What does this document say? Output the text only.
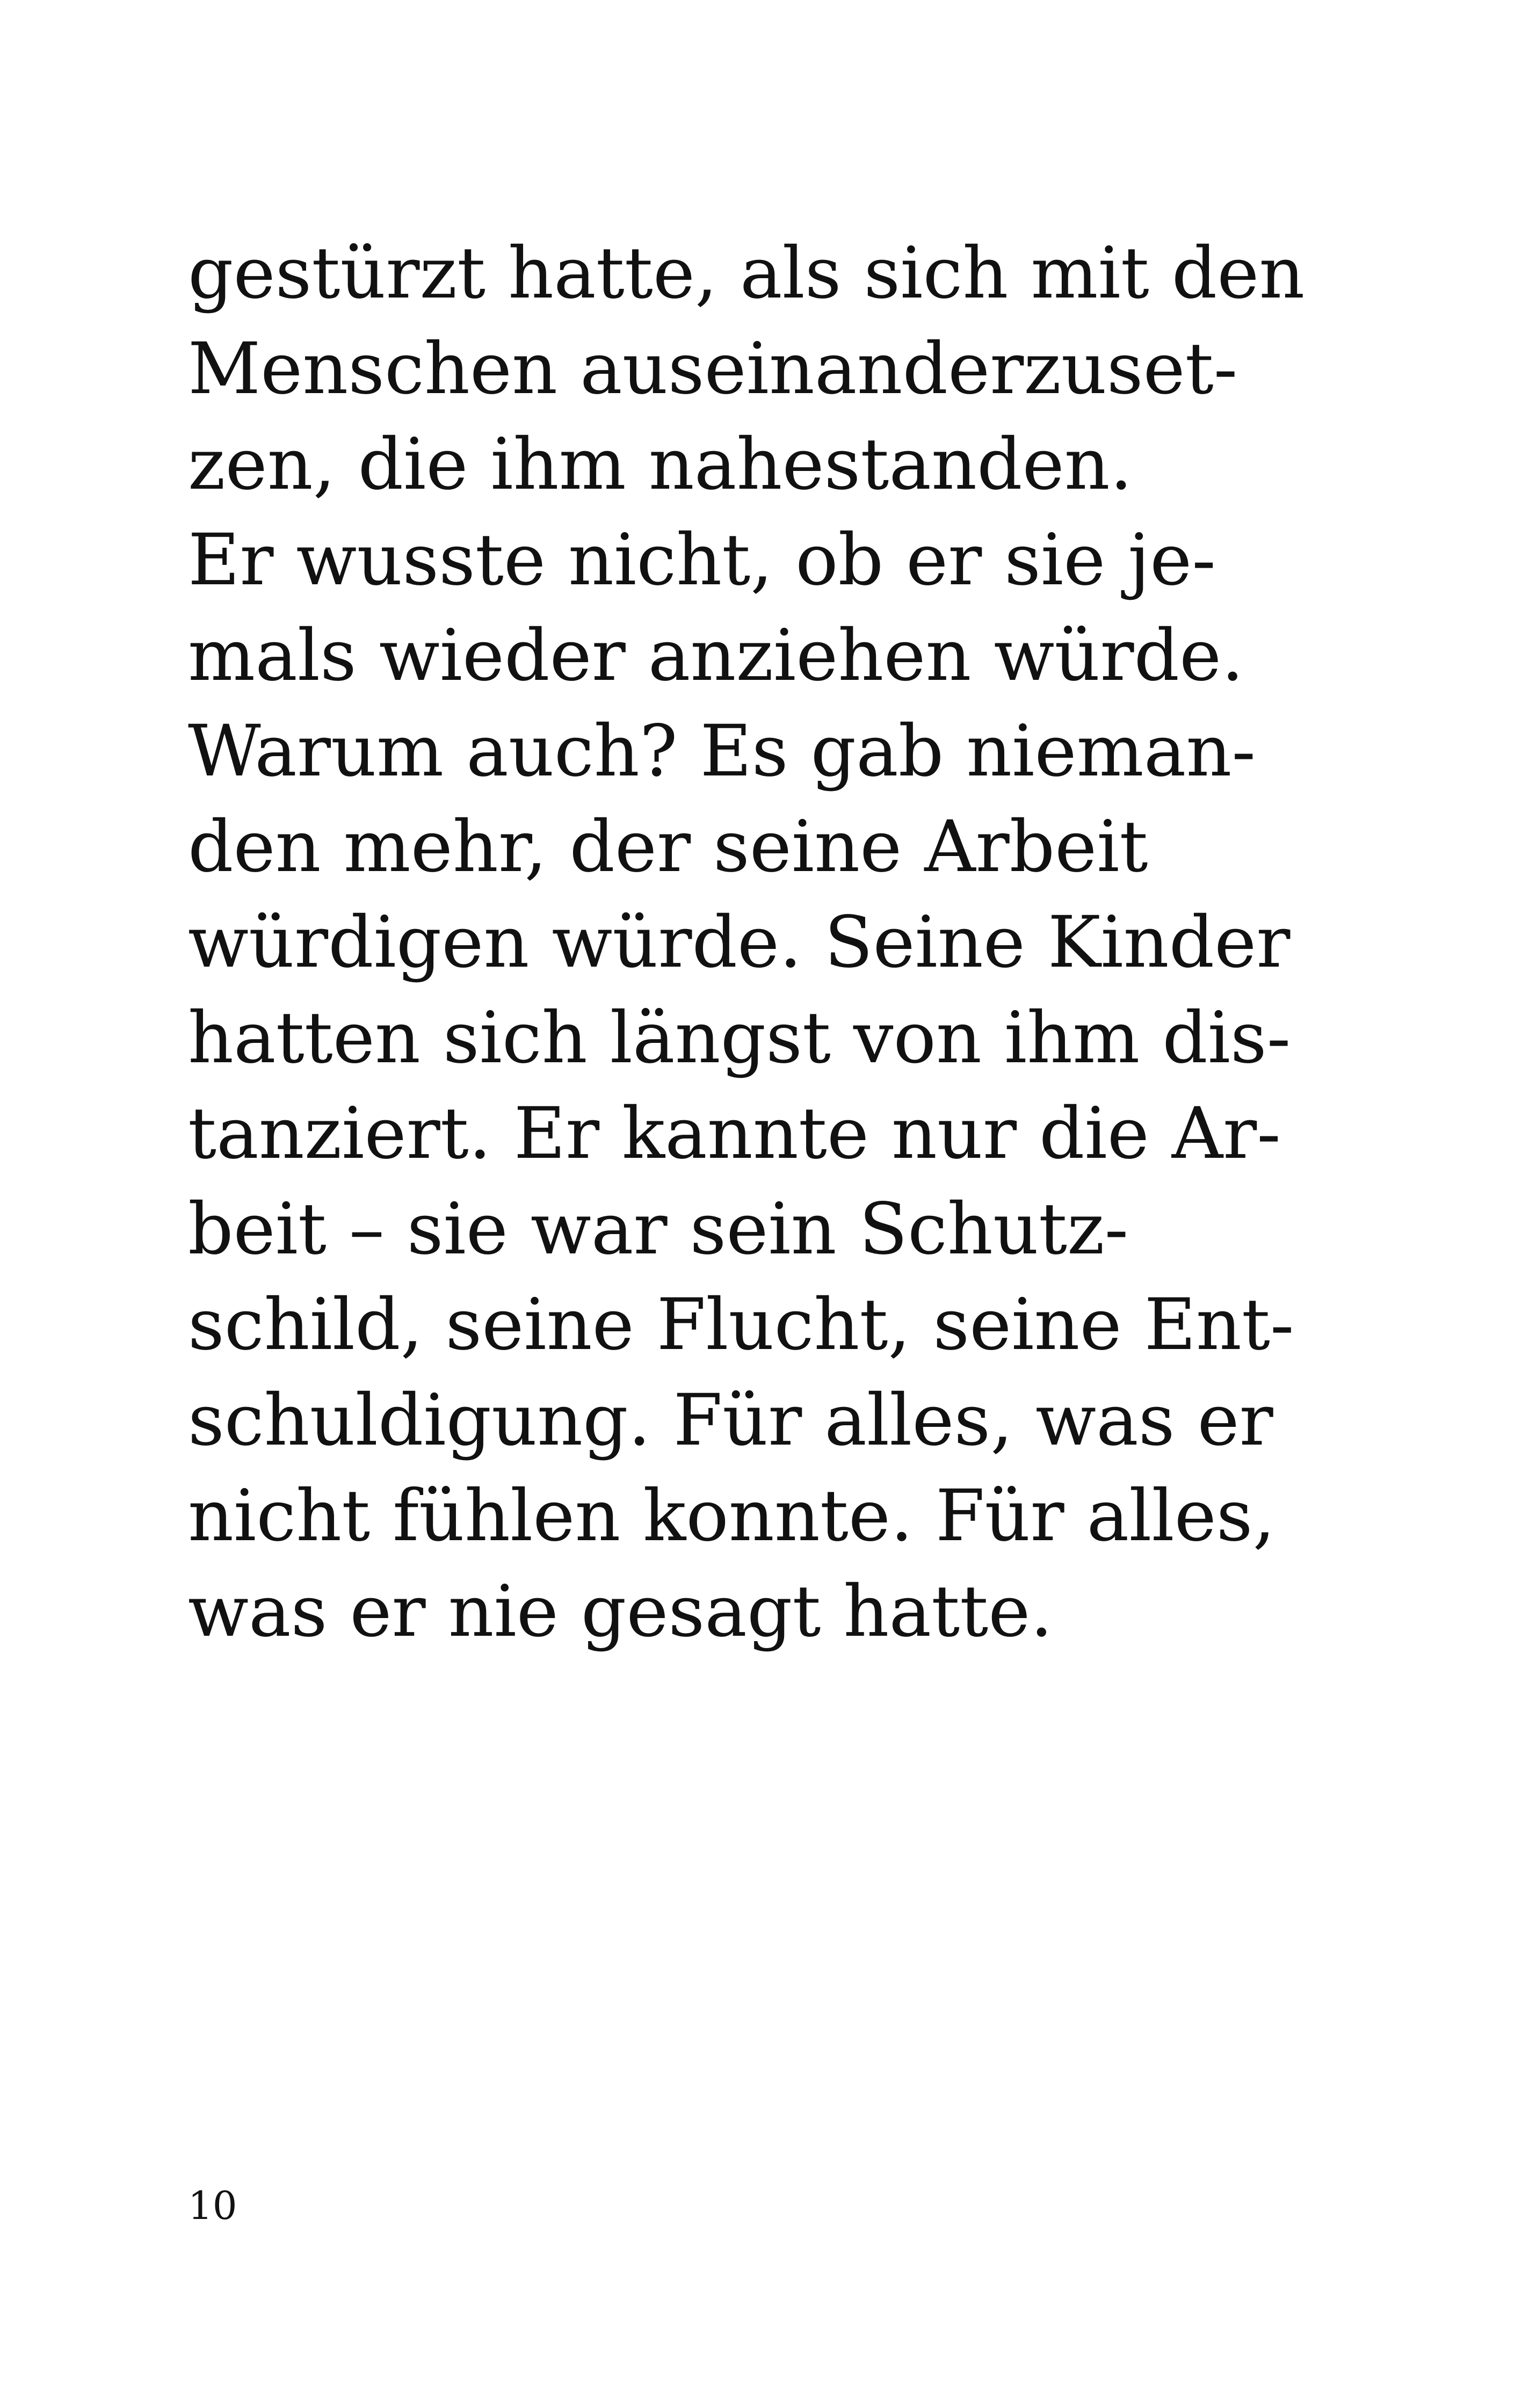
gestürzt hatte, als sich mit den
Menschen auseinanderzuset-
zen, die ihm nahestanden.
Er wusste nicht, ob er sie je-
mals wieder anziehen würde.
Warum auch? Es gab nieman-
den mehr, der seine Arbeit
würdigen würde. Seine Kinder
hatten sich längst von ihm dis-
tanziert. Er kannte nur die Ar-
beit – sie war sein Schutz-
schild, seine Flucht, seine Ent-
schuldigung. Für alles, was er
nicht fühlen konnte. Für alles,
was er nie gesagt hatte.
10
